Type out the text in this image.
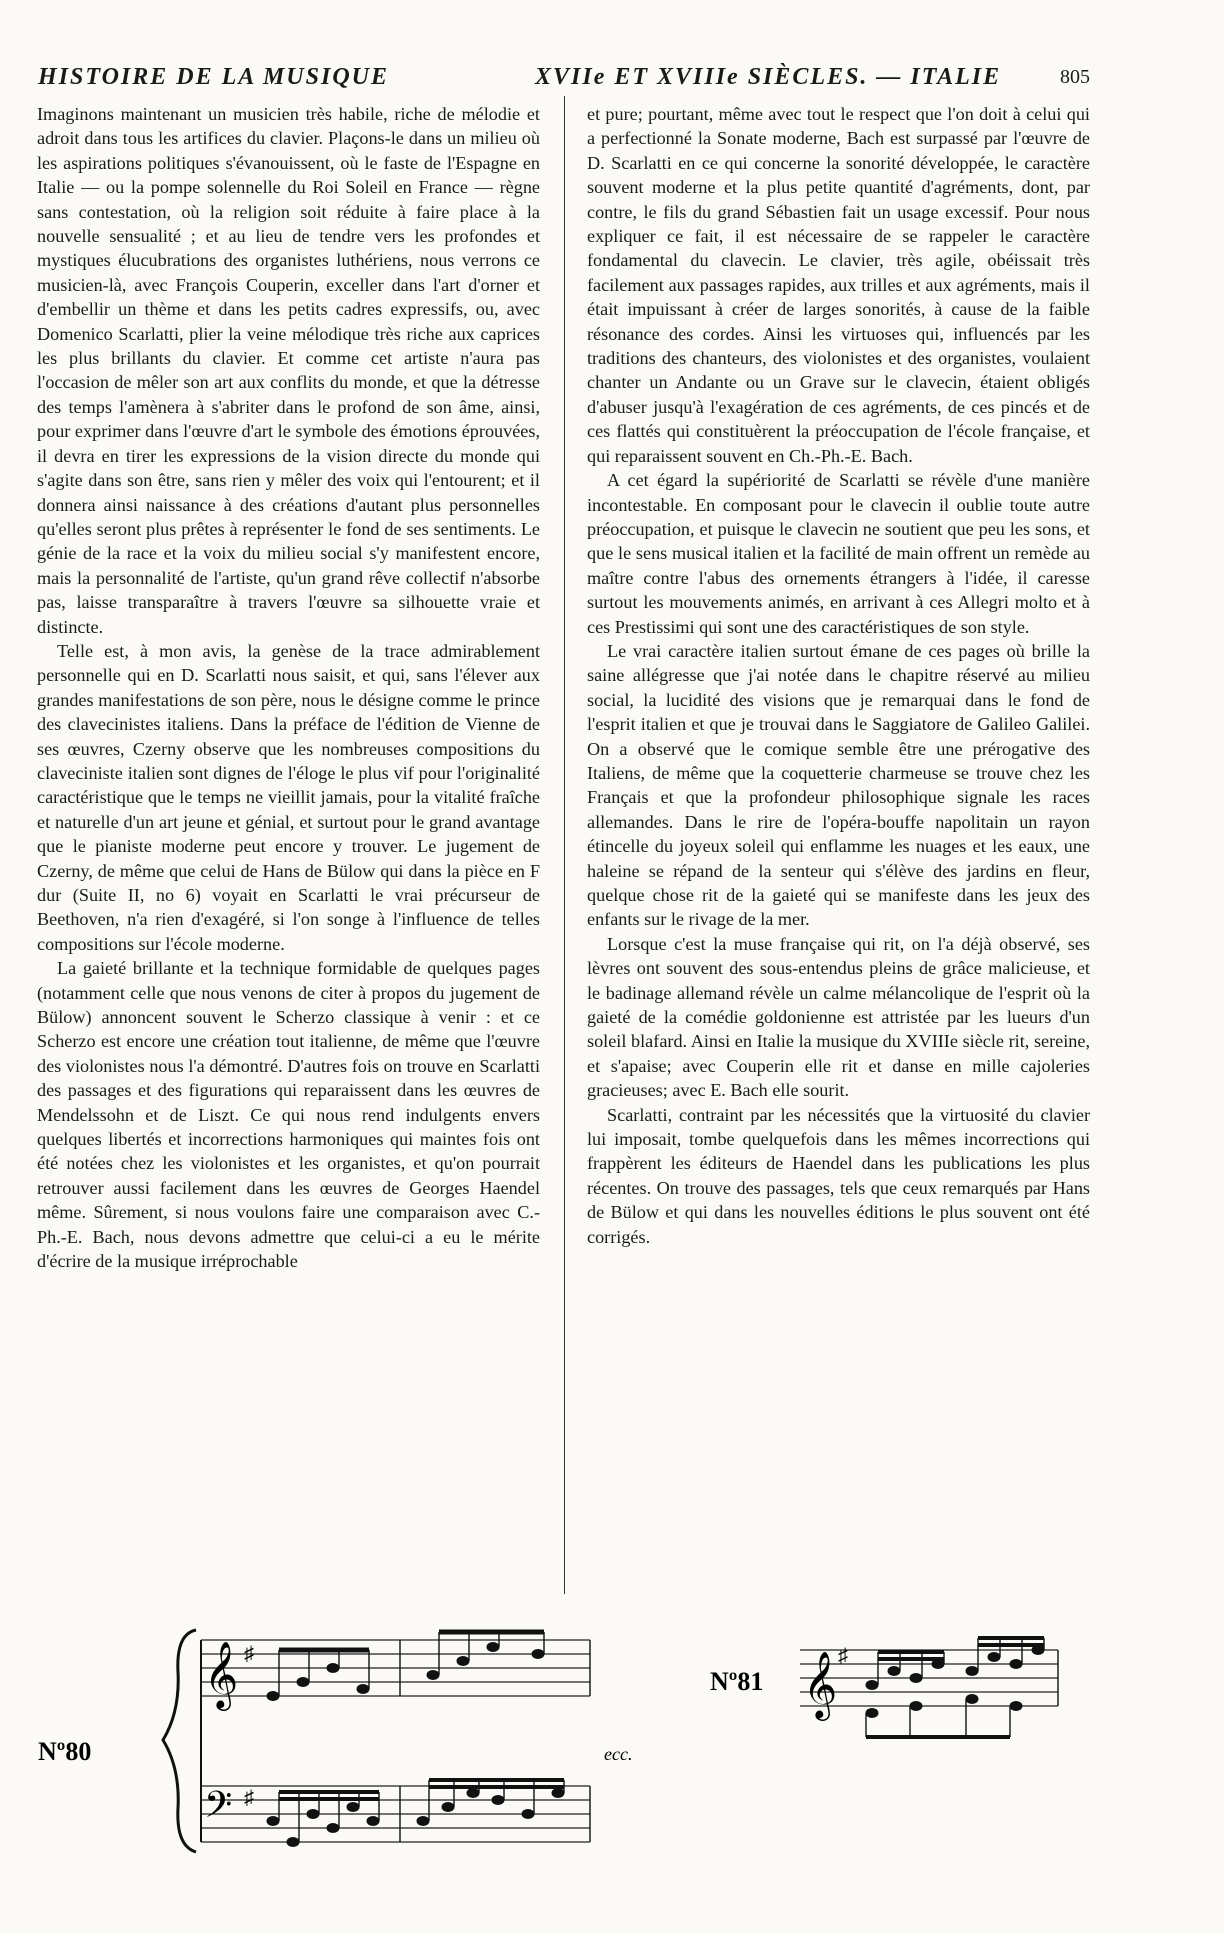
HISTOIRE DE LA MUSIQUE	XVIIe ET XVIIIe SIÈCLES. — ITALIE	805

Imaginons maintenant un musicien très habile, riche de mélodie et adroit dans tous les artifices du clavier. Plaçons-le dans un milieu où les aspirations politiques s'évanouissent, où le faste de l'Espagne en Italie — ou la pompe solennelle du Roi Soleil en France — règne sans contestation, où la religion soit réduite à faire place à la nouvelle sensualité ; et au lieu de tendre vers les profondes et mystiques élucubrations des organistes luthériens, nous verrons ce musicien-là, avec François Couperin, exceller dans l'art d'orner et d'embellir un thème et dans les petits cadres expressifs, ou, avec Domenico Scarlatti, plier la veine mélodique très riche aux caprices les plus brillants du clavier. Et comme cet artiste n'aura pas l'occasion de mêler son art aux conflits du monde, et que la détresse des temps l'amènera à s'abriter dans le profond de son âme, ainsi, pour exprimer dans l'œuvre d'art le symbole des émotions éprouvées, il devra en tirer les expressions de la vision directe du monde qui s'agite dans son être, sans rien y mêler des voix qui l'entourent; et il donnera ainsi naissance à des créations d'autant plus personnelles qu'elles seront plus prêtes à représenter le fond de ses sentiments. Le génie de la race et la voix du milieu social s'y manifestent encore, mais la personnalité de l'artiste, qu'un grand rêve collectif n'absorbe pas, laisse transparaître à travers l'œuvre sa silhouette vraie et distincte.

Telle est, à mon avis, la genèse de la trace admirablement personnelle qui en D. Scarlatti nous saisit, et qui, sans l'élever aux grandes manifestations de son père, nous le désigne comme le prince des clavecinistes italiens. Dans la préface de l'édition de Vienne de ses œuvres, Czerny observe que les nombreuses compositions du claveciniste italien sont dignes de l'éloge le plus vif pour l'originalité caractéristique que le temps ne vieillit jamais, pour la vitalité fraîche et naturelle d'un art jeune et génial, et surtout pour le grand avantage que le pianiste moderne peut encore y trouver. Le jugement de Czerny, de même que celui de Hans de Bülow qui dans la pièce en F dur (Suite II, no 6) voyait en Scarlatti le vrai précurseur de Beethoven, n'a rien d'exagéré, si l'on songe à l'influence de telles compositions sur l'école moderne.

La gaieté brillante et la technique formidable de quelques pages (notamment celle que nous venons de citer à propos du jugement de Bülow) annoncent souvent le Scherzo classique à venir : et ce Scherzo est encore une création tout italienne, de même que l'œuvre des violonistes nous l'a démontré. D'autres fois on trouve en Scarlatti des passages et des figurations qui reparaissent dans les œuvres de Mendelssohn et de Liszt. Ce qui nous rend indulgents envers quelques libertés et incorrections harmoniques qui maintes fois ont été notées chez les violonistes et les organistes, et qu'on pourrait retrouver aussi facilement dans les œuvres de Georges Haendel même. Sûrement, si nous voulons faire une comparaison avec C.-Ph.-E. Bach, nous devons admettre que celui-ci a eu le mérite d'écrire de la musique irréprochable

et pure; pourtant, même avec tout le respect que l'on doit à celui qui a perfectionné la Sonate moderne, Bach est surpassé par l'œuvre de D. Scarlatti en ce qui concerne la sonorité développée, le caractère souvent moderne et la plus petite quantité d'agréments, dont, par contre, le fils du grand Sébastien fait un usage excessif. Pour nous expliquer ce fait, il est nécessaire de se rappeler le caractère fondamental du clavecin. Le clavier, très agile, obéissait très facilement aux passages rapides, aux trilles et aux agréments, mais il était impuissant à créer de larges sonorités, à cause de la faible résonance des cordes. Ainsi les virtuoses qui, influencés par les traditions des chanteurs, des violonistes et des organistes, voulaient chanter un Andante ou un Grave sur le clavecin, étaient obligés d'abuser jusqu'à l'exagération de ces agréments, de ces pincés et de ces flattés qui constituèrent la préoccupation de l'école française, et qui reparaissent souvent en Ch.-Ph.-E. Bach.

A cet égard la supériorité de Scarlatti se révèle d'une manière incontestable. En composant pour le clavecin il oublie toute autre préoccupation, et puisque le clavecin ne soutient que peu les sons, et que le sens musical italien et la facilité de main offrent un remède au maître contre l'abus des ornements étrangers à l'idée, il caresse surtout les mouvements animés, en arrivant à ces Allegri molto et à ces Prestissimi qui sont une des caractéristiques de son style.

Le vrai caractère italien surtout émane de ces pages où brille la saine allégresse que j'ai notée dans le chapitre réservé au milieu social, la lucidité des visions que je remarquai dans le fond de l'esprit italien et que je trouvai dans le Saggiatore de Galileo Galilei. On a observé que le comique semble être une prérogative des Italiens, de même que la coquetterie charmeuse se trouve chez les Français et que la profondeur philosophique signale les races allemandes. Dans le rire de l'opéra-bouffe napolitain un rayon étincelle du joyeux soleil qui enflamme les nuages et les eaux, une haleine se répand de la senteur qui s'élève des jardins en fleur, quelque chose rit de la gaieté qui se manifeste dans les jeux des enfants sur le rivage de la mer.

Lorsque c'est la muse française qui rit, on l'a déjà observé, ses lèvres ont souvent des sous-entendus pleins de grâce malicieuse, et le badinage allemand révèle un calme mélancolique de l'esprit où la gaieté de la comédie goldonienne est attristée par les lueurs d'un soleil blafard. Ainsi en Italie la musique du XVIIIe siècle rit, sereine, et s'apaise; avec Couperin elle rit et danse en mille cajoleries gracieuses; avec E. Bach elle sourit.

Scarlatti, contraint par les nécessités que la virtuosité du clavier lui imposait, tombe quelquefois dans les mêmes incorrections qui frappèrent les éditeurs de Haendel dans les publications les plus récentes. On trouve des passages, tels que ceux remarqués par Hans de Bülow et qui dans les nouvelles éditions le plus souvent ont été corrigés.

Nº80
𝄞 ♯
𝄢 ♯
ecc.
Nº81 𝄞 ♯
